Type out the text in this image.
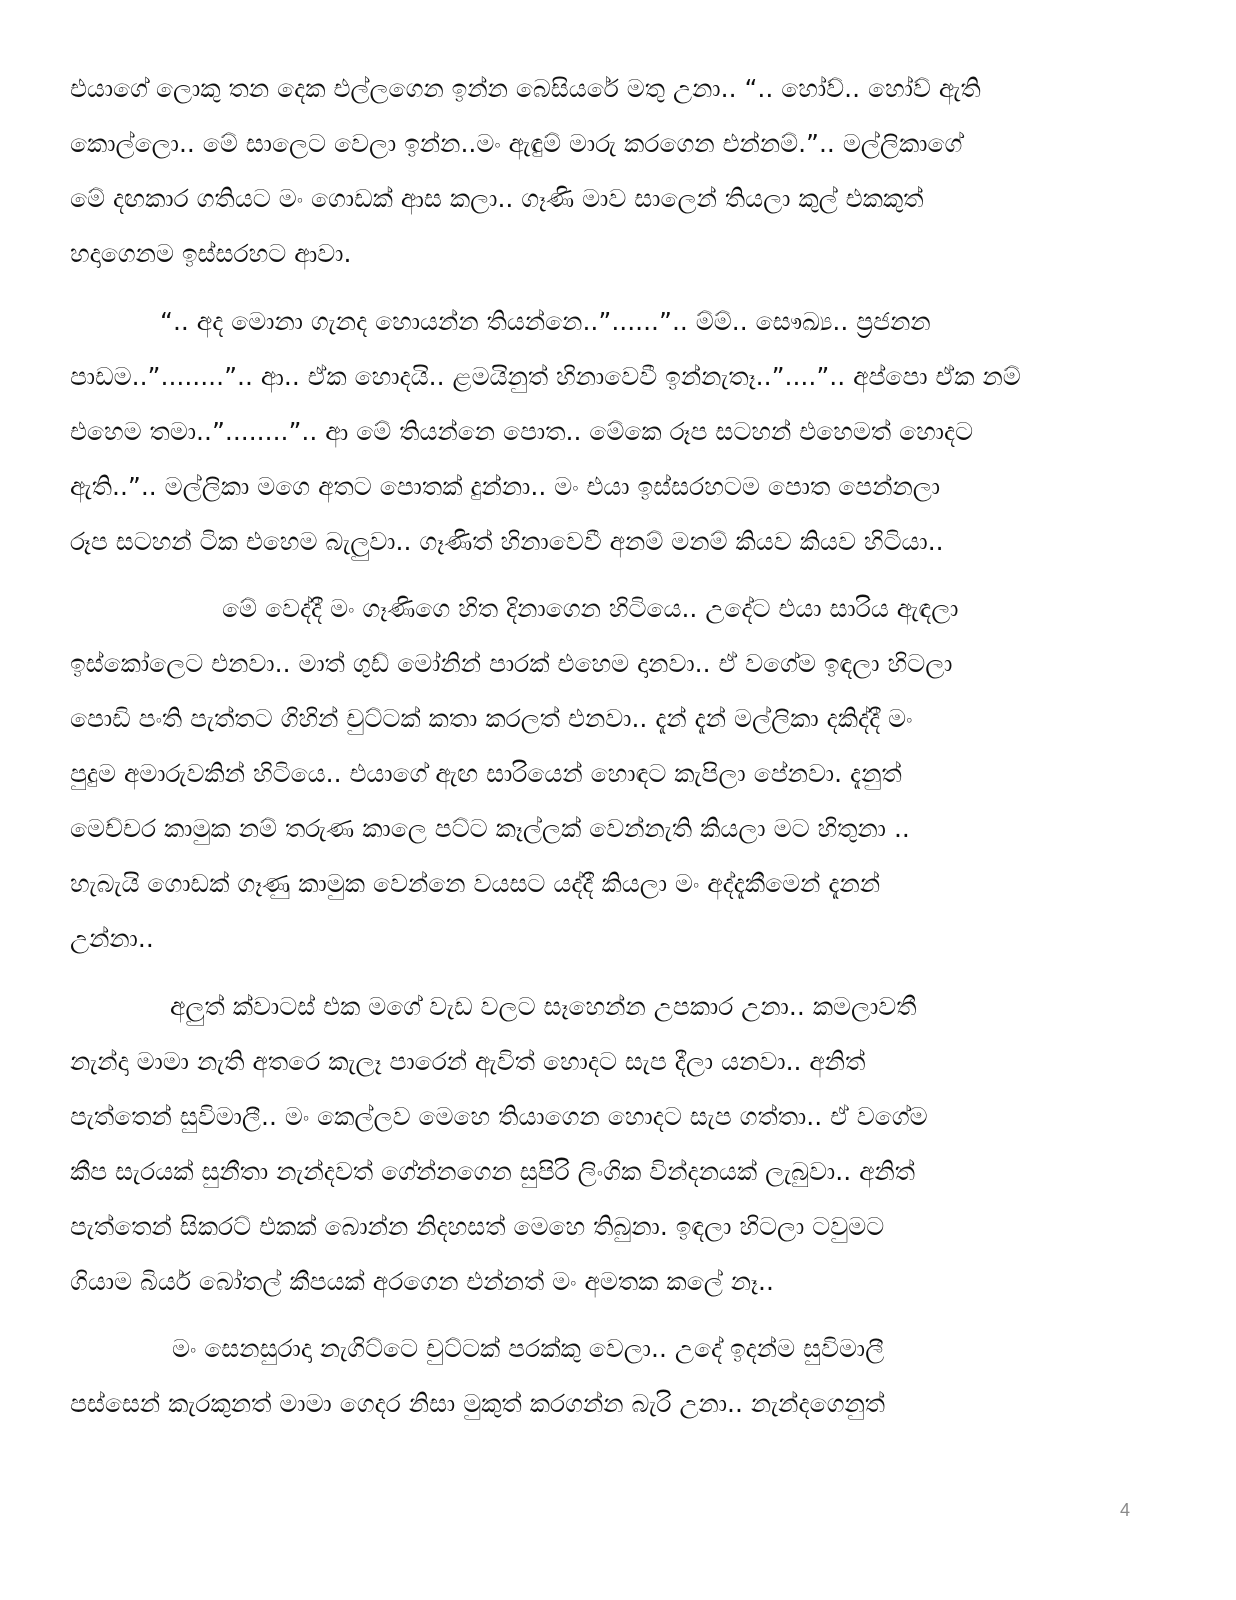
එයාගේ ලොකු තන දෙක එල්ලගෙන ඉන්න බෙසියරේ මතු උනා.. “.. හෝව්.. හෝව් ඇති
කොල්ලො.. මේ සාලෙට වෙලා ඉන්න..මං ඇඳුම් මාරු කරගෙන එන්නම්.”.. මල්ලිකාගේ
මේ දඟකාර ගතියට මං ගොඩක් ආස කලා.. ගෑණි මාව සාලෙන් තියලා කුල් එකකුත්
හදාගෙනම ඉස්සරහට ආවා.
“.. අද මොනා ගැනද හොයන්න තියන්නෙ..”......”.. ම්ම්.. සෞඛ්‍ය.. ප්‍රජනන
පාඩම..”........”.. ආ.. ඒක හොදයි.. ළමයිනුත් හිනාවෙවී ඉන්නැතෑ..”....”.. අප්පො ඒක නම්
එහෙම තමා..”........”.. ආ මේ තියන්නෙ පොත.. මේකෙ රූප සටහන් එහෙමත් හොදට
ඇති..”.. මල්ලිකා මගෙ අතට පොතක් දුන්නා.. මං එයා ඉස්සරහටම පොත පෙන්නලා
රූප සටහන් ටික එහෙම බැලුවා.. ගෑණිත් හිනාවෙවී අනම් මනම් කියව කියව හිටියා..
මේ වෙද්දී මං ගෑණිගෙ හිත දිනාගෙන හිටියෙ.. උදේට එයා සාරිය ඇඳලා
ඉස්කෝලෙට එනවා.. මාත් ගුඩ් මෝනින් පාරක් එහෙම දානවා.. ඒ වගේම ඉඳලා හිටලා
පොඩි පංති පැත්තට ගිහින් චුට්ටක් කතා කරලත් එනවා.. දැන් දැන් මල්ලිකා දකිද්දී මං
පුදුම අමාරුවකින් හිටියෙ.. එයාගේ ඇඟ සාරියෙන් හොඳට කැපිලා පේනවා. දැනුත්
මෙච්චර කාමුක නම් තරුණ කාලෙ පට්ට කෑල්ලක් වෙන්නැති කියලා මට හිතුනා ..
හැබැයි ගොඩක් ගෑණු කාමුක වෙන්නෙ වයසට යද්දී කියලා මං අද්දැකීමෙන් දැනන්
උන්නා..
අලුත් ක්වාටස් එක මගේ වැඩ වලට සෑහෙන්න උපකාර උනා.. කමලාවතී
නැන්දා මාමා නැති අතරෙ කැලෑ පාරෙන් ඇවිත් හොදට සැප දීලා යනවා.. අනිත්
පැත්තෙන් සුවිමාලී.. මං කෙල්ලව මෙහෙ තියාගෙන හොදට සැප ගත්තා.. ඒ වගේම
කීප සැරයක් සුනීතා නැන්දවත් ගේන්නගෙන සුපිරි ලිංගික වින්දනයක් ලැබුවා.. අනිත්
පැත්තෙන් සිකරට් එකක් බොන්න නිදහසත් මෙහෙ තිබුනා. ඉඳලා හිටලා ටවුමට
ගියාම බියර් බෝතල් කීපයක් අරගෙන එන්නත් මං අමතක කලේ නෑ..
මං සෙනසුරාදා නැගිට්ටෙ චුට්ටක් පරක්කු වෙලා.. උදේ ඉදන්ම සුවිමාලී
පස්සෙන් කැරකුනත් මාමා ගෙදර නිසා මුකුත් කරගන්න බැරි උනා.. නැන්දගෙනුත්
4
